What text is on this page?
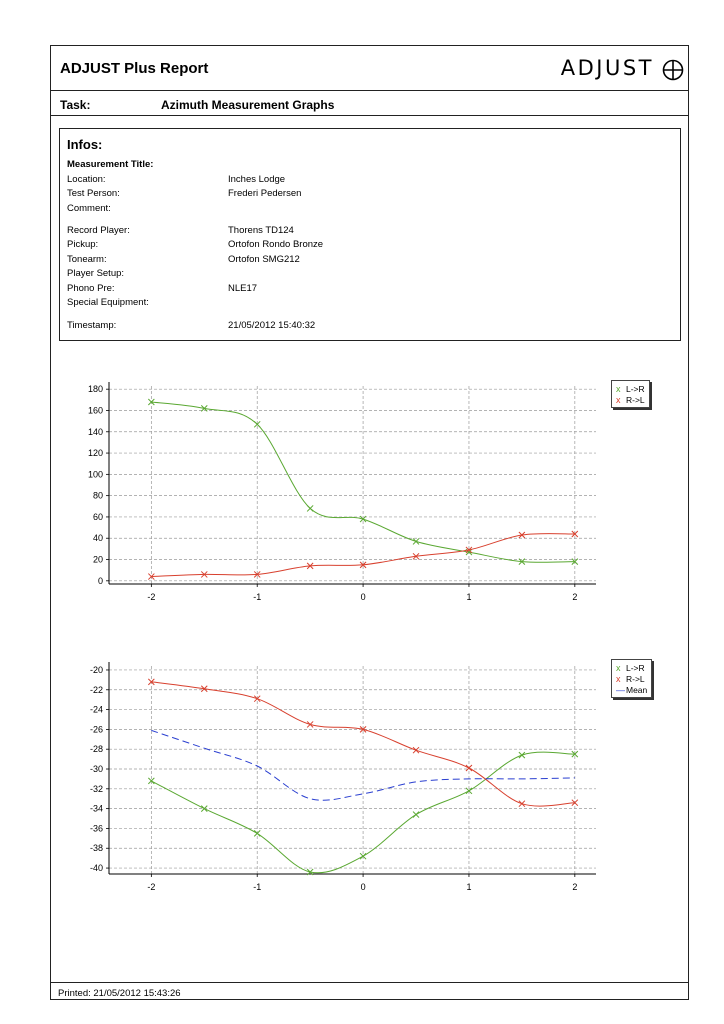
ADJUST Plus Report	ADJUST
Task:	Azimuth Measurement Graphs
Infos:
Measurement Title:
Location:	Inches Lodge
Test Person:	Frederi Pedersen
Comment:
Record Player:	Thorens TD124
Pickup:	Ortofon Rondo Bronze
Tonearm:	Ortofon SMG212
Player Setup:
Phono Pre:	NLE17
Special Equipment:
Timestamp:	21/05/2012 15:40:32
0
20
40
60
80
100
120
140
160
180
-2	-1	0	1	2
x L->R
x R->L
-20
-22
-24
-26
-28
-30
-32
-34
-36
-38
-40
-2	-1	0	1	2
x L->R
x R->L
— Mean
Printed: 21/05/2012 15:43:26
